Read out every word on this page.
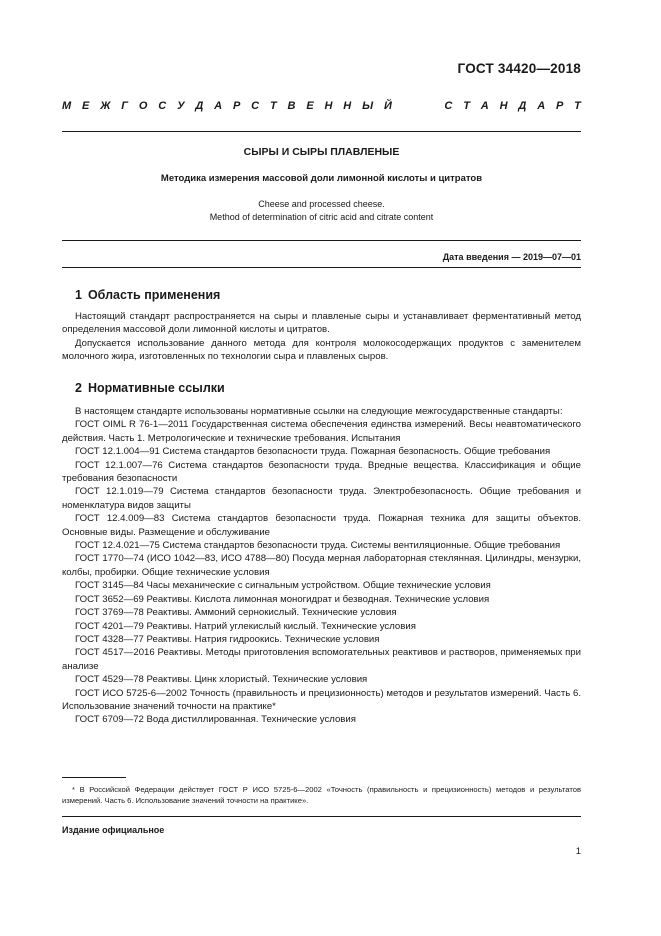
ГОСТ 34420—2018
М Е Ж Г О С У Д А Р С Т В Е Н Н Ы Й

	С Т А Н Д А Р Т
СЫРЫ И СЫРЫ ПЛАВЛЕНЫЕ
Методика измерения массовой доли лимонной кислоты и цитратов
Cheese and processed cheese.
Method of determination of citric acid and citrate content
Дата введения — 2019—07—01
1 Область применения

Настоящий стандарт распространяется на сыры и плавленые сыры и устанавливает ферментативный метод определения массовой доли лимонной кислоты и цитратов.

Допускается использование данного метода для контроля молокосодержащих продуктов с заменителем молочного жира, изготовленных по технологии сыра и плавленых сыров.

2 Нормативные ссылки

В настоящем стандарте использованы нормативные ссылки на следующие межгосударственные стандарты:

ГОСТ OIML R 76-1—2011 Государственная система обеспечения единства измерений. Весы неавтоматического действия. Часть 1. Метрологические и технические требования. Испытания

ГОСТ 12.1.004—91 Система стандартов безопасности труда. Пожарная безопасность. Общие требования

ГОСТ 12.1.007—76 Система стандартов безопасности труда. Вредные вещества. Классификация и общие требования безопасности

ГОСТ 12.1.019—79 Система стандартов безопасности труда. Электробезопасность. Общие требования и номенклатура видов защиты

ГОСТ 12.4.009—83 Система стандартов безопасности труда. Пожарная техника для защиты объектов. Основные виды. Размещение и обслуживание

ГОСТ 12.4.021—75 Система стандартов безопасности труда. Системы вентиляционные. Общие требования

ГОСТ 1770—74 (ИСО 1042—83, ИСО 4788—80) Посуда мерная лабораторная стеклянная. Цилиндры, мензурки, колбы, пробирки. Общие технические условия

ГОСТ 3145—84 Часы механические с сигнальным устройством. Общие технические условия

ГОСТ 3652—69 Реактивы. Кислота лимонная моногидрат и безводная. Технические условия

ГОСТ 3769—78 Реактивы. Аммоний сернокислый. Технические условия

ГОСТ 4201—79 Реактивы. Натрий углекислый кислый. Технические условия

ГОСТ 4328—77 Реактивы. Натрия гидроокись. Технические условия

ГОСТ 4517—2016 Реактивы. Методы приготовления вспомогательных реактивов и растворов, применяемых при анализе

ГОСТ 4529—78 Реактивы. Цинк хлористый. Технические условия

ГОСТ ИСО 5725-6—2002 Точность (правильность и прецизионность) методов и результатов измерений. Часть 6. Использование значений точности на практике*

ГОСТ 6709—72 Вода дистиллированная. Технические условия

* В Российской Федерации действует ГОСТ Р ИСО 5725-6—2002 «Точность (правильность и прецизионность) методов и результатов измерений. Часть 6. Использование значений точности на практике».

Издание официальное
1
